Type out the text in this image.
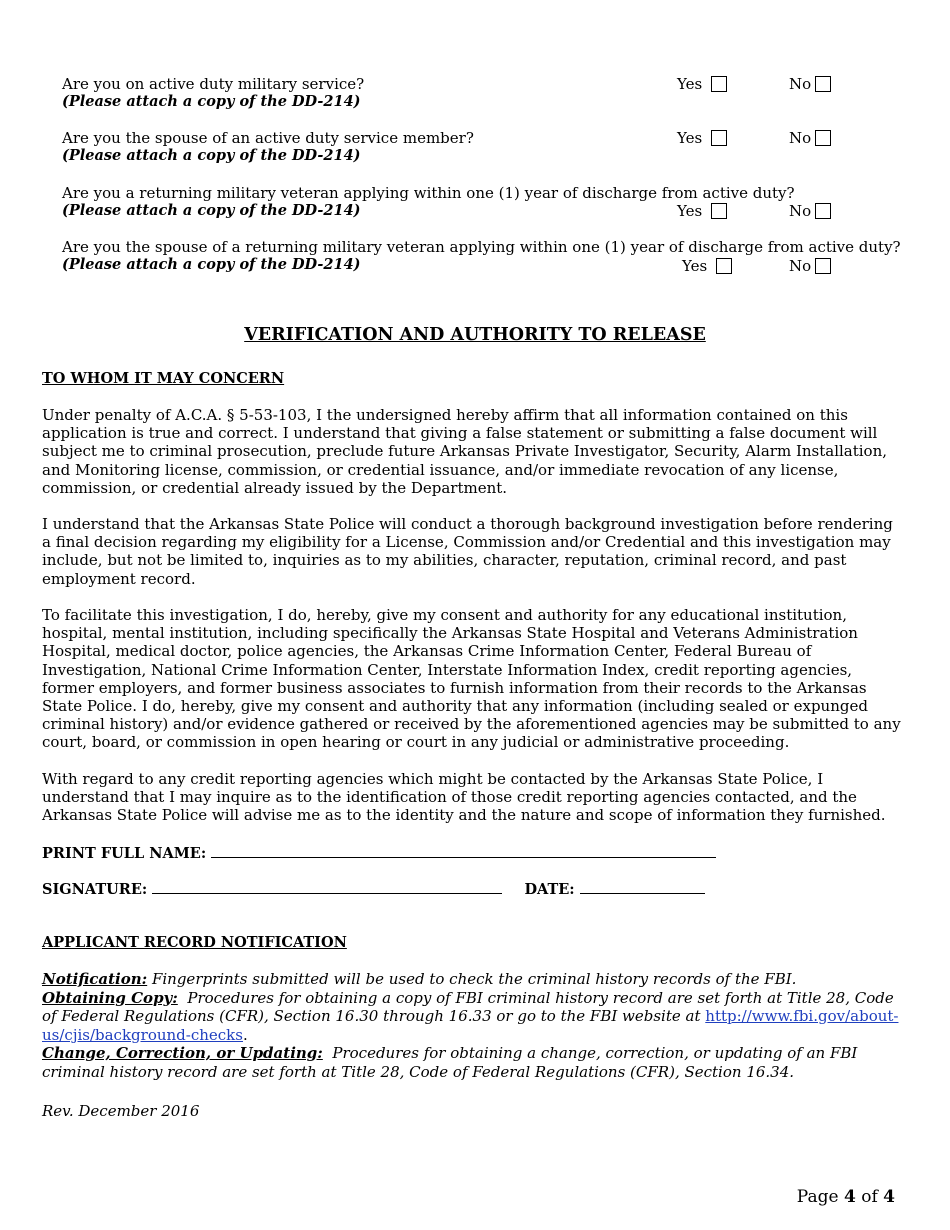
Are you on active duty military service?
(Please attach a copy of the DD-214)
Yes	No
Are you the spouse of an active duty service member?
(Please attach a copy of the DD-214)
Yes	No
Are you a returning military veteran applying within one (1) year of discharge from active duty?
(Please attach a copy of the DD-214)	Yes	No
Are you the spouse of a returning military veteran applying within one (1) year of discharge from active duty?
(Please attach a copy of the DD-214)	Yes	No
VERIFICATION AND AUTHORITY TO RELEASE
TO WHOM IT MAY CONCERN
Under penalty of A.C.A. § 5-53-103, I the undersigned hereby affirm that all information contained on this application is true and correct. I understand that giving a false statement or submitting a false document will subject me to criminal prosecution, preclude future Arkansas Private Investigator, Security, Alarm Installation, and Monitoring license, commission, or credential issuance, and/or immediate revocation of any license, commission, or credential already issued by the Department.
I understand that the Arkansas State Police will conduct a thorough background investigation before rendering a final decision regarding my eligibility for a License, Commission and/or Credential and this investigation may include, but not be limited to, inquiries as to my abilities, character, reputation, criminal record, and past employment record.
To facilitate this investigation, I do, hereby, give my consent and authority for any educational institution, hospital, mental institution, including specifically the Arkansas State Hospital and Veterans Administration Hospital, medical doctor, police agencies, the Arkansas Crime Information Center, Federal Bureau of Investigation, National Crime Information Center, Interstate Information Index, credit reporting agencies, former employers, and former business associates to furnish information from their records to the Arkansas State Police. I do, hereby, give my consent and authority that any information (including sealed or expunged criminal history) and/or evidence gathered or received by the aforementioned agencies may be submitted to any court, board, or commission in open hearing or court in any judicial or administrative proceeding.
With regard to any credit reporting agencies which might be contacted by the Arkansas State Police, I understand that I may inquire as to the identification of those credit reporting agencies contacted, and the Arkansas State Police will advise me as to the identity and the nature and scope of information they furnished.
PRINT FULL NAME:
SIGNATURE:	DATE:
APPLICANT RECORD NOTIFICATION
Notification: Fingerprints submitted will be used to check the criminal history records of the FBI.
Obtaining Copy: Procedures for obtaining a copy of FBI criminal history record are set forth at Title 28, Code of Federal Regulations (CFR), Section 16.30 through 16.33 or go to the FBI website at http://www.fbi.gov/about-us/cjis/background-checks.
Change, Correction, or Updating: Procedures for obtaining a change, correction, or updating of an FBI criminal history record are set forth at Title 28, Code of Federal Regulations (CFR), Section 16.34.
Rev. December 2016
Page 4 of 4
